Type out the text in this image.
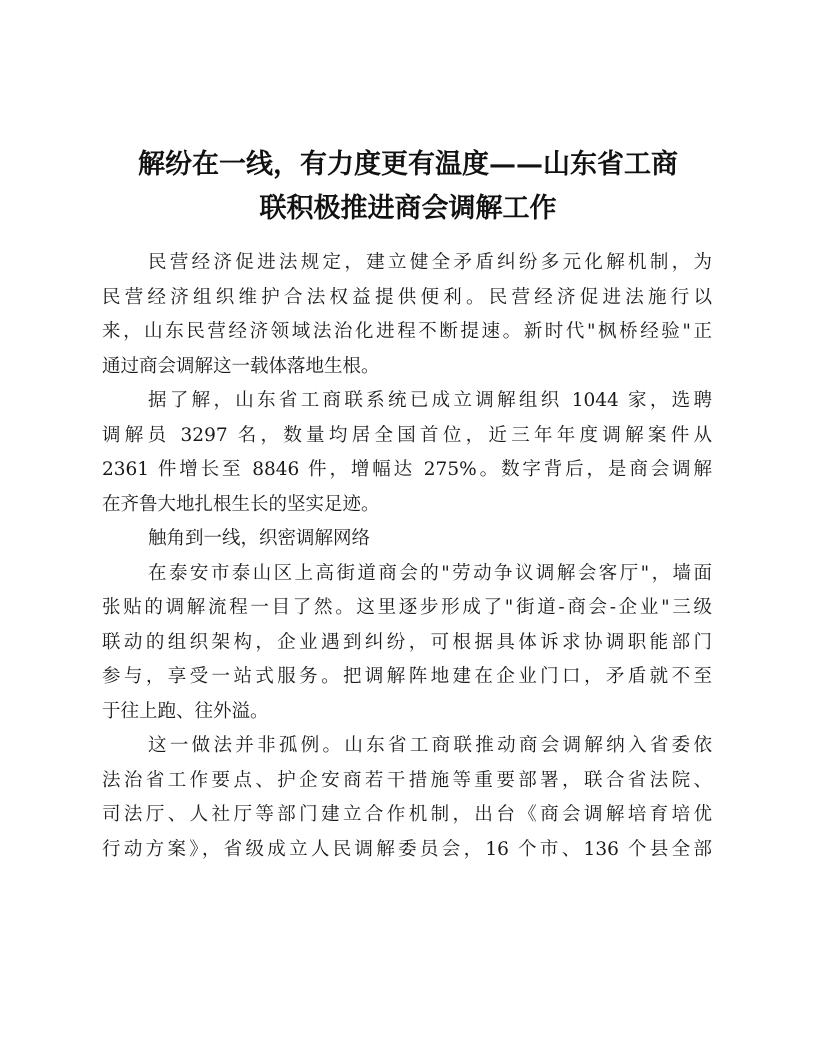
解纷在一线，有力度更有温度——山东省工商
联积极推进商会调解工作

民营经济促进法规定，建立健全矛盾纠纷多元化解机制，为
民营经济组织维护合法权益提供便利。民营经济促进法施行以
来，山东民营经济领域法治化进程不断提速。新时代"枫桥经验"正
通过商会调解这一载体落地生根。

据了解，山东省工商联系统已成立调解组织 1044 家，选聘
调解员 3297 名，数量均居全国首位，近三年年度调解案件从
2361 件增长至 8846 件，增幅达 275%。数字背后，是商会调解
在齐鲁大地扎根生长的坚实足迹。

触角到一线，织密调解网络

在泰安市泰山区上高街道商会的"劳动争议调解会客厅"，墙面
张贴的调解流程一目了然。这里逐步形成了"街道-商会-企业"三级
联动的组织架构，企业遇到纠纷，可根据具体诉求协调职能部门
参与，享受一站式服务。把调解阵地建在企业门口，矛盾就不至
于往上跑、往外溢。

这一做法并非孤例。山东省工商联推动商会调解纳入省委依
法治省工作要点、护企安商若干措施等重要部署，联合省法院、
司法厅、人社厅等部门建立合作机制，出台《商会调解培育培优
行动方案》，省级成立人民调解委员会，16 个市、136 个县全部
